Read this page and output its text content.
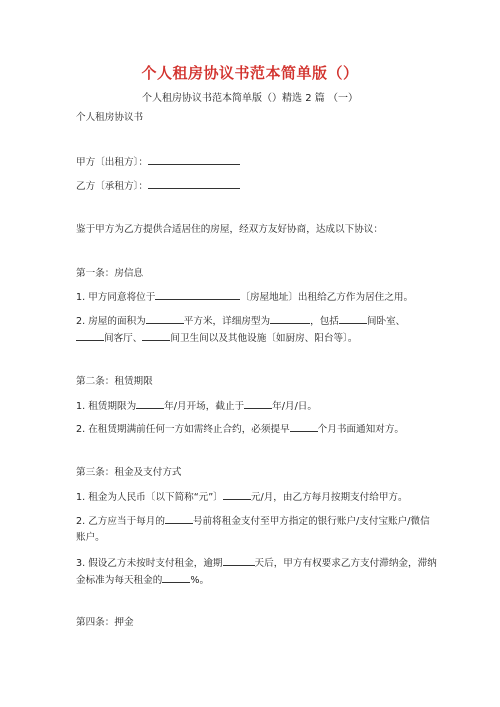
个人租房协议书范本简单版（）
个人租房协议书范本简单版（）精选 2 篇 （一）
个人租房协议书
甲方〔出租方〕：
乙方〔承租方〕：
鉴于甲方为乙方提供合适居住的房屋，经双方友好协商，达成以下协议：
第一条：房信息
1. 甲方同意将位于	〔房屋地址〕出租给乙方作为居住之用。
2. 房屋的面积为	平方米，详细房型为	，包括	间卧室、
间客厅、	间卫生间以及其他设施〔如厨房、阳台等〕。
第二条：租赁期限
1. 租赁期限为	年/月开场，截止于	年/月/日。
2. 在租赁期满前任何一方如需终止合约，必须提早	个月书面通知对方。
第三条：租金及支付方式
1. 租金为人民币〔以下简称“元”〕	元/月，由乙方每月按期支付给甲方。
2. 乙方应当于每月的	号前将租金支付至甲方指定的银行账户/支付宝账户/微信
账户。
3. 假设乙方未按时支付租金，逾期	天后，甲方有权要求乙方支付滞纳金，滞纳
金标准为每天租金的	%。
第四条：押金
